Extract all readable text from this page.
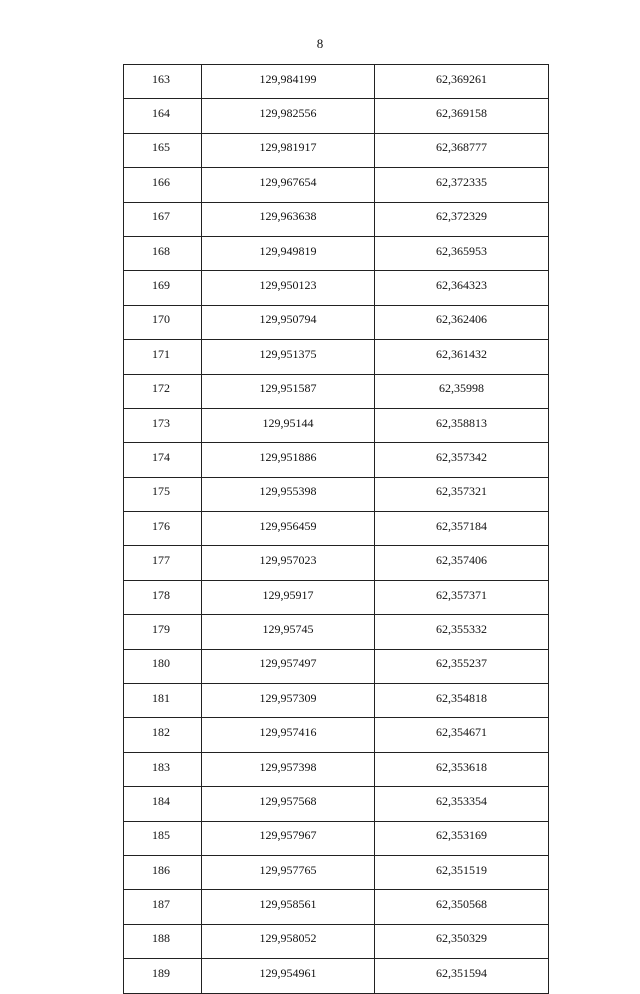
8
163	129,984199	62,369261
164	129,982556	62,369158
165	129,981917	62,368777
166	129,967654	62,372335
167	129,963638	62,372329
168	129,949819	62,365953
169	129,950123	62,364323
170	129,950794	62,362406
171	129,951375	62,361432
172	129,951587	62,35998
173	129,95144	62,358813
174	129,951886	62,357342
175	129,955398	62,357321
176	129,956459	62,357184
177	129,957023	62,357406
178	129,95917	62,357371
179	129,95745	62,355332
180	129,957497	62,355237
181	129,957309	62,354818
182	129,957416	62,354671
183	129,957398	62,353618
184	129,957568	62,353354
185	129,957967	62,353169
186	129,957765	62,351519
187	129,958561	62,350568
188	129,958052	62,350329
189	129,954961	62,351594
